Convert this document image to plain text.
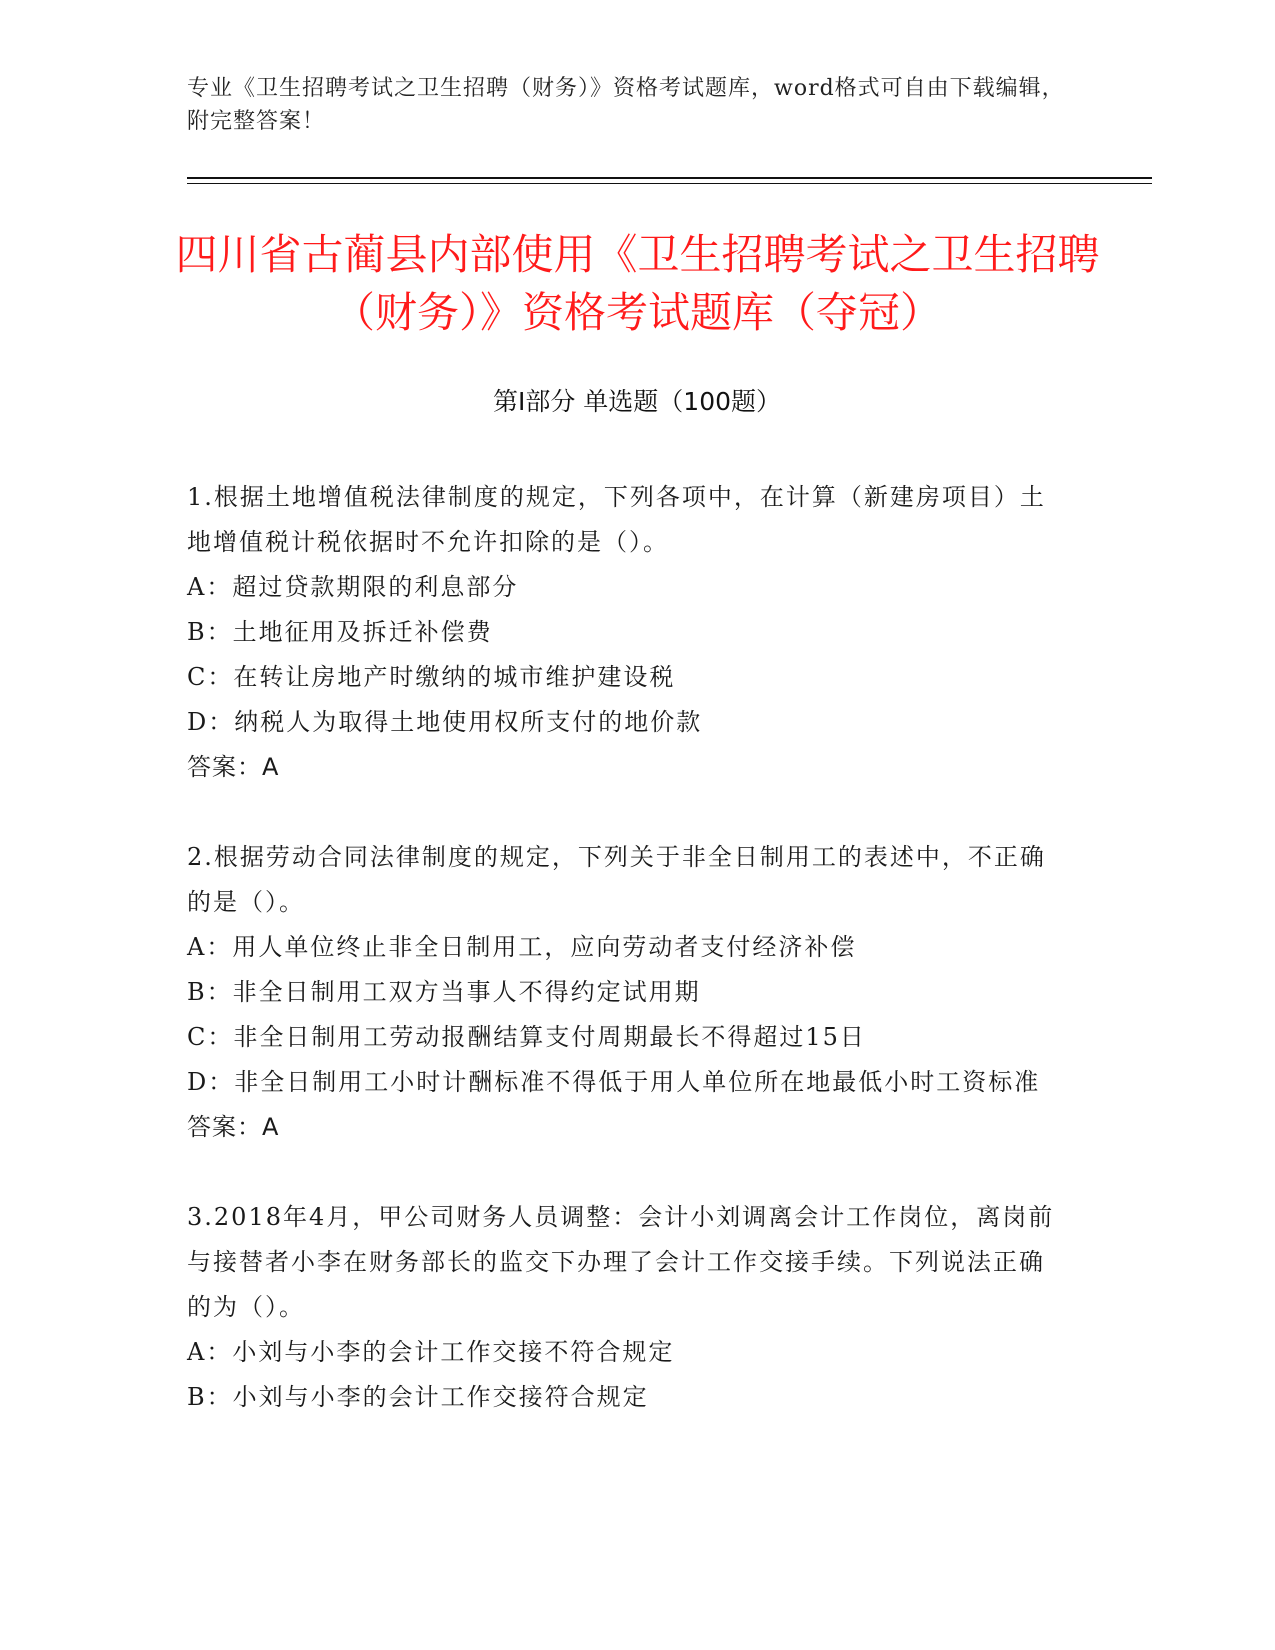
专业《卫生招聘考试之卫生招聘（财务）》资格考试题库，word格式可自由下载编辑，附完整答案！
四川省古蔺县内部使用《卫生招聘考试之卫生招聘（财务）》资格考试题库（夺冠）
第Ⅰ部分 单选题（100题）

1.根据土地增值税法律制度的规定，下列各项中，在计算（新建房项目）土地增值税计税依据时不允许扣除的是（）。

A：超过贷款期限的利息部分

B：土地征用及拆迁补偿费

C：在转让房地产时缴纳的城市维护建设税

D：纳税人为取得土地使用权所支付的地价款

答案：A

2.根据劳动合同法律制度的规定，下列关于非全日制用工的表述中，不正确的是（）。

A：用人单位终止非全日制用工，应向劳动者支付经济补偿

B：非全日制用工双方当事人不得约定试用期

C：非全日制用工劳动报酬结算支付周期最长不得超过15日

D：非全日制用工小时计酬标准不得低于用人单位所在地最低小时工资标准

答案：A

3.2018年4月，甲公司财务人员调整：会计小刘调离会计工作岗位，离岗前与接替者小李在财务部长的监交下办理了会计工作交接手续。下列说法正确的为（）。

A：小刘与小李的会计工作交接不符合规定

B：小刘与小李的会计工作交接符合规定
